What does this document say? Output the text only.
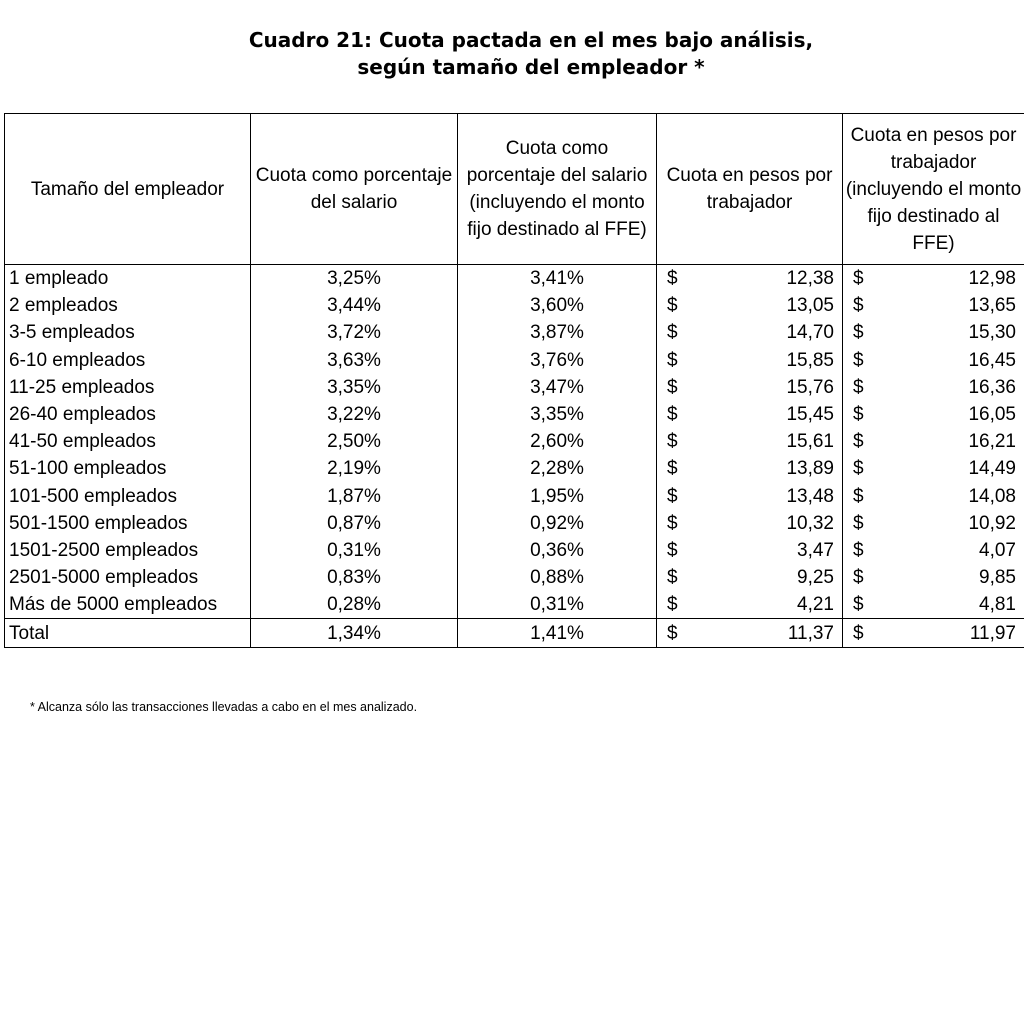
Cuadro 21: Cuota pactada en el mes bajo análisis,
según tamaño del empleador *
Tamaño del empleador	Cuota como porcentaje del salario	Cuota como porcentaje del salario (incluyendo el monto fijo destinado al FFE)	Cuota en pesos por trabajador	Cuota en pesos por trabajador (incluyendo el monto fijo destinado al FFE)
1 empleado	3,25%	3,41%	$ 12,38	$ 12,98

2 empleados	3,44%	3,60%	$ 13,05	$ 13,65

3-5 empleados	3,72%	3,87%	$ 14,70	$ 15,30

6-10 empleados	3,63%	3,76%	$ 15,85	$ 16,45

11-25 empleados	3,35%	3,47%	$ 15,76	$ 16,36

26-40 empleados	3,22%	3,35%	$ 15,45	$ 16,05

41-50 empleados	2,50%	2,60%	$ 15,61	$ 16,21

51-100 empleados	2,19%	2,28%	$ 13,89	$ 14,49

101-500 empleados	1,87%	1,95%	$ 13,48	$ 14,08

501-1500 empleados	0,87%	0,92%	$ 10,32	$ 10,92

1501-2500 empleados	0,31%	0,36%	$ 3,47	$ 4,07

2501-5000 empleados	0,83%	0,88%	$ 9,25	$ 9,85

Más de 5000 empleados	0,28%	0,31%	$ 4,21	$ 4,81

Total	1,34%	1,41%	$ 11,37	$ 11,97
* Alcanza sólo las transacciones llevadas a cabo en el mes analizado.
